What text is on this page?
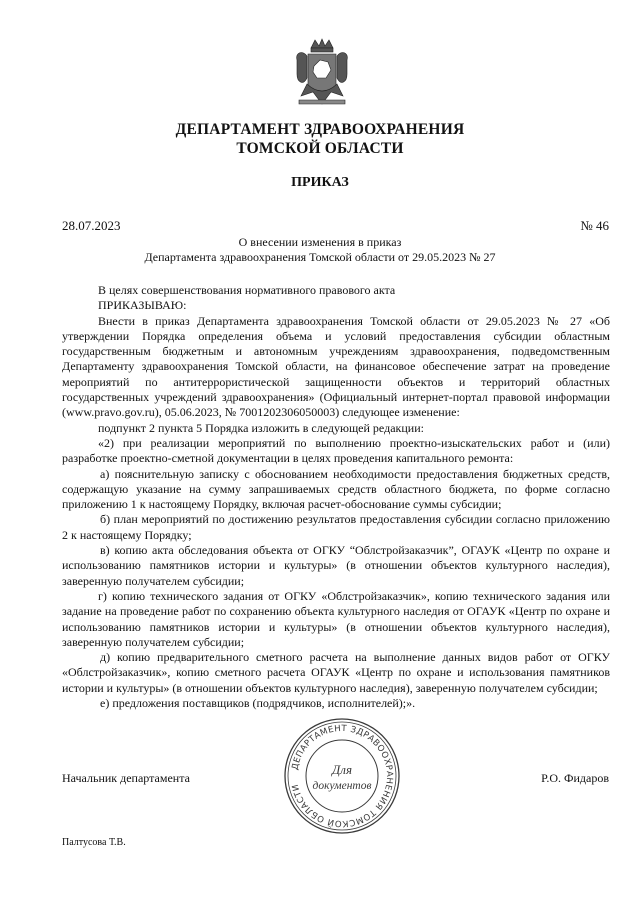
ДЕПАРТАМЕНТ ЗДРАВООХРАНЕНИЯ
ТОМСКОЙ ОБЛАСТИ
ПРИКАЗ
28.07.2023	№ 46
О внесении изменения в приказ
Департамента здравоохранения Томской области от 29.05.2023 № 27

В целях совершенствования нормативного правового акта

ПРИКАЗЫВАЮ:

Внести в приказ Департамента здравоохранения Томской области от 29.05.2023 № 27 «Об утверждении Порядка определения объема и условий предоставления субсидии областным государственным бюджетным и автономным учреждениям здравоохранения, подведомственным Департаменту здравоохранения Томской области, на финансовое обеспечение затрат на проведение мероприятий по антитеррористической защищенности объектов и территорий областных государственных учреждений здравоохранения» (Официальный интернет-портал правовой информации (www.pravo.gov.ru), 05.06.2023, № 7001202306050003) следующее изменение:

подпункт 2 пункта 5 Порядка изложить в следующей редакции:

«2) при реализации мероприятий по выполнению проектно-изыскательских работ и (или) разработке проектно-сметной документации в целях проведения капитального ремонта:

а) пояснительную записку с обоснованием необходимости предоставления бюджетных средств, содержащую указание на сумму запрашиваемых средств областного бюджета, по форме согласно приложению 1 к настоящему Порядку, включая расчет-обоснование суммы субсидии;

б) план мероприятий по достижению результатов предоставления субсидии согласно приложению 2 к настоящему Порядку;

в) копию акта обследования объекта от ОГКУ “Облстройзаказчик”, ОГАУК «Центр по охране и использованию памятников истории и культуры» (в отношении объектов культурного наследия), заверенную получателем субсидии;

г) копию технического задания от ОГКУ «Облстройзаказчик», копию технического задания или задание на проведение работ по сохранению объекта культурного наследия от ОГАУК «Центр по охране и использованию памятников истории и культуры» (в отношении объектов культурного наследия), заверенную получателем субсидии;

д) копию предварительного сметного расчета на выполнение данных видов работ от ОГКУ «Облстройзаказчик», копию сметного расчета ОГАУК «Центр по охране и использования памятников истории и культуры» (в отношении объектов культурного наследия), заверенную получателем субсидии;

е) предложения поставщиков (подрядчиков, исполнителей);».

ДЕПАРТАМЕНТ ЗДРАВООХРАНЕНИЯ ТОМСКОЙ ОБЛАСТИ
Для
документов
Начальник департамента	Р.О. Фидаров
Палтусова Т.В.
